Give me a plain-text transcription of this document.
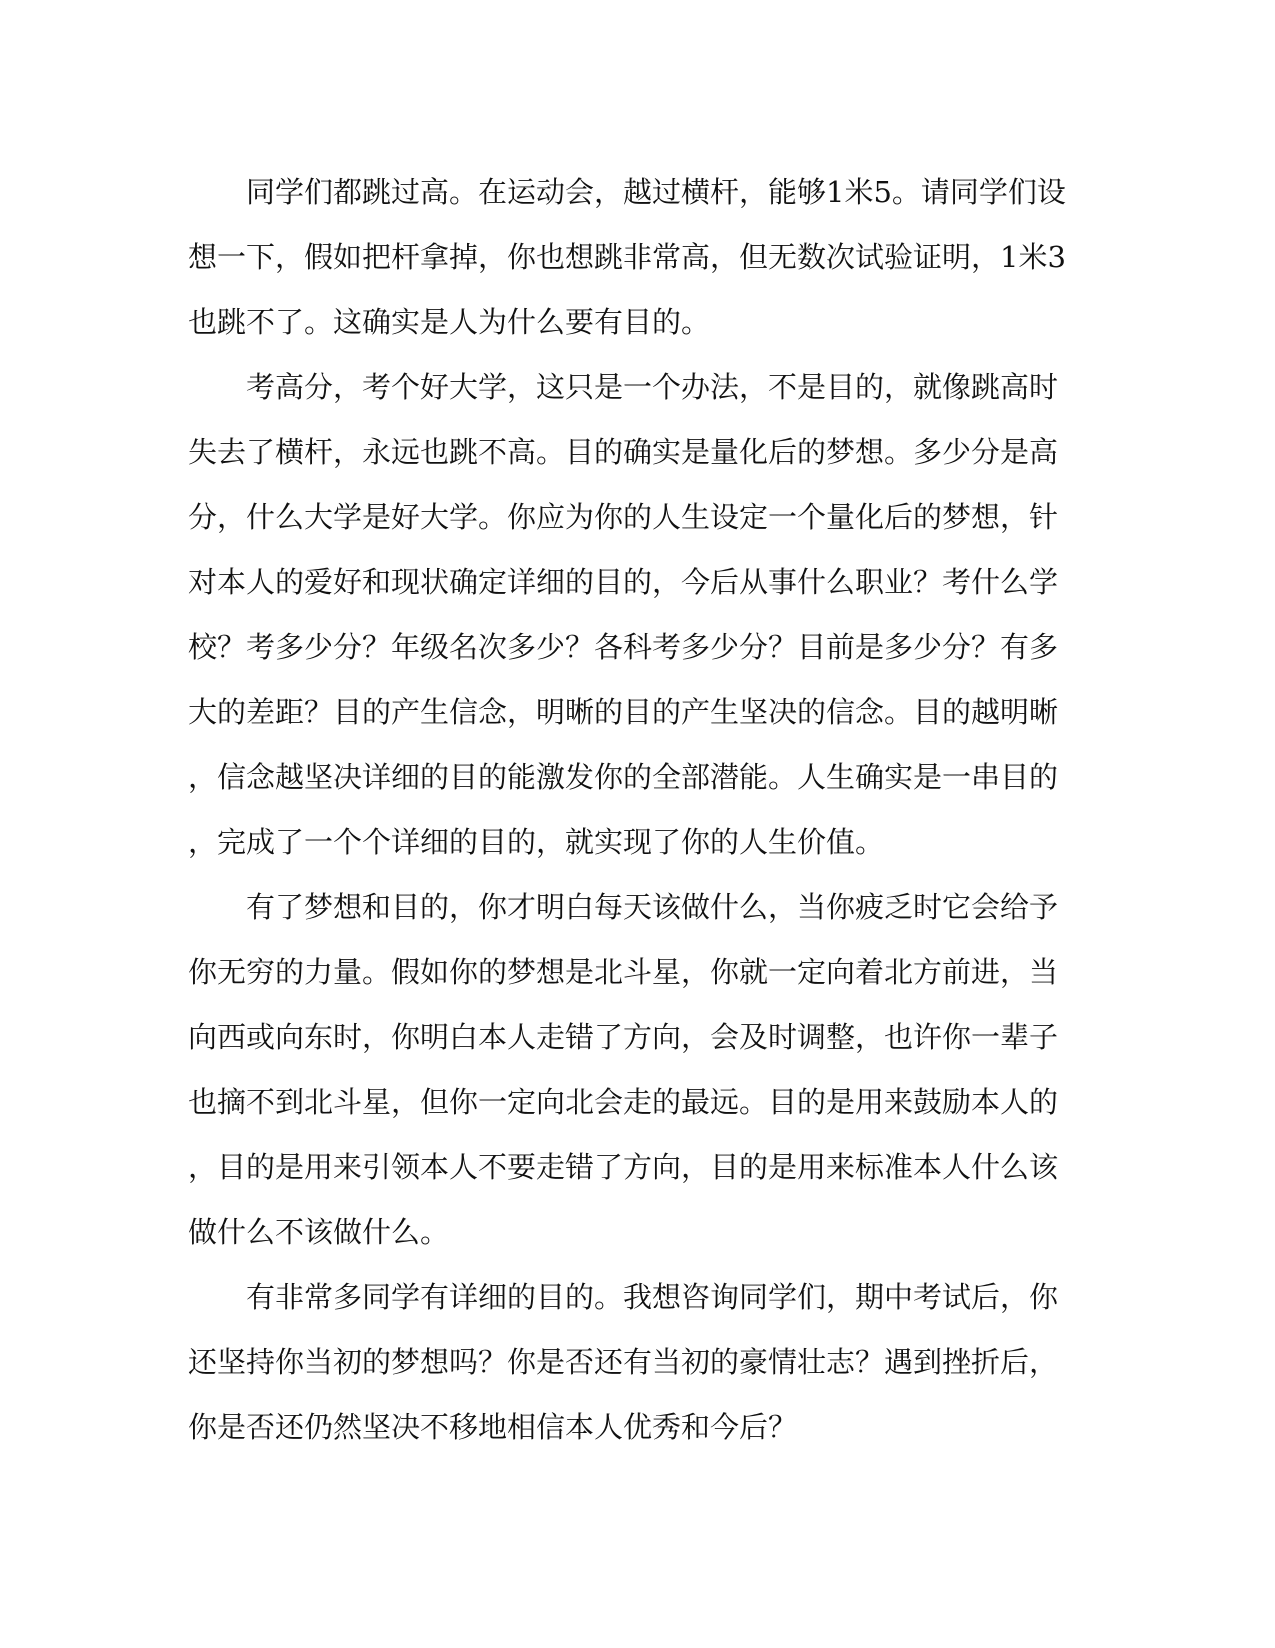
同学们都跳过高。在运动会，越过横杆，能够1米5。请同学们设
想一下，假如把杆拿掉，你也想跳非常高，但无数次试验证明，1米3
也跳不了。这确实是人为什么要有目的。
考高分，考个好大学，这只是一个办法，不是目的，就像跳高时
失去了横杆，永远也跳不高。目的确实是量化后的梦想。多少分是高
分，什么大学是好大学。你应为你的人生设定一个量化后的梦想，针
对本人的爱好和现状确定详细的目的，今后从事什么职业？考什么学
校？考多少分？年级名次多少？各科考多少分？目前是多少分？有多
大的差距？目的产生信念，明晰的目的产生坚决的信念。目的越明晰
，信念越坚决详细的目的能激发你的全部潜能。人生确实是一串目的
，完成了一个个详细的目的，就实现了你的人生价值。
有了梦想和目的，你才明白每天该做什么，当你疲乏时它会给予
你无穷的力量。假如你的梦想是北斗星，你就一定向着北方前进，当
向西或向东时，你明白本人走错了方向，会及时调整，也许你一辈子
也摘不到北斗星，但你一定向北会走的最远。目的是用来鼓励本人的
，目的是用来引领本人不要走错了方向，目的是用来标准本人什么该
做什么不该做什么。
有非常多同学有详细的目的。我想咨询同学们，期中考试后，你
还坚持你当初的梦想吗？你是否还有当初的豪情壮志？遇到挫折后，
你是否还仍然坚决不移地相信本人优秀和今后？
